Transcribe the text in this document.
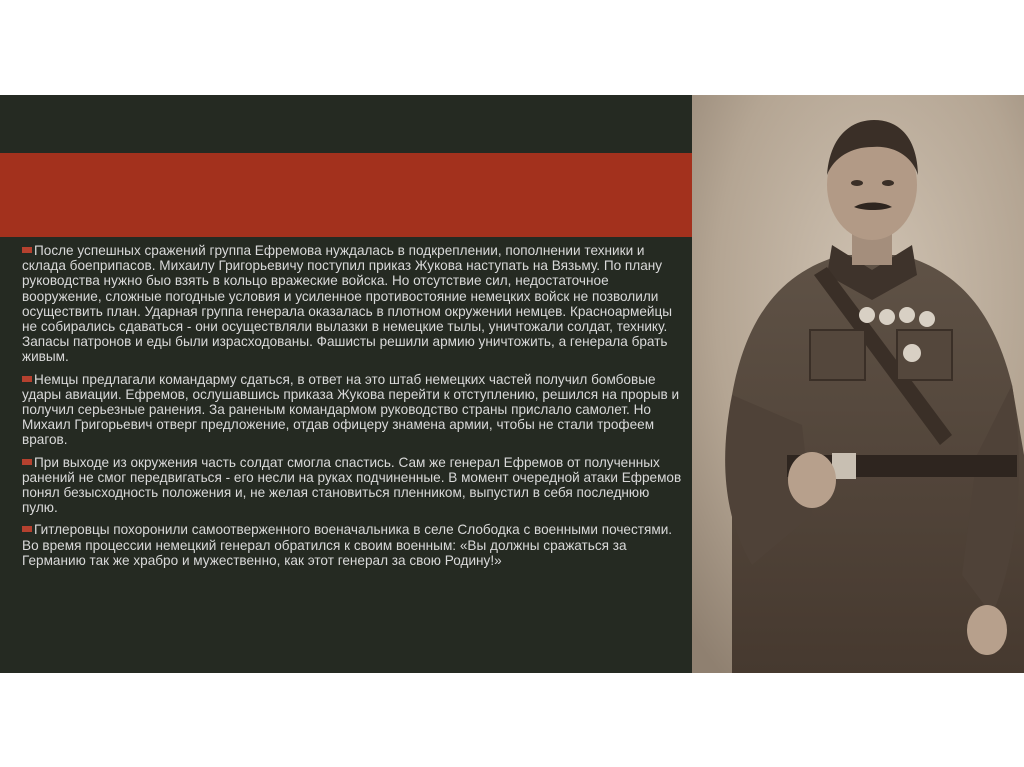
После успешных сражений группа Ефремова нуждалась в подкреплении, пополнении техники и склада боеприпасов. Михаилу Григорьевичу поступил приказ Жукова наступать на Вязьму. По плану руководства нужно быо взять в кольцо вражеские войска. Но отсутствие сил, недостаточное вооружение, сложные погодные условия и усиленное противостояние немецких войск не позволили осуществить план. Ударная группа генерала оказалась в плотном окружении немцев. Красноармейцы не собирались сдаваться - они осуществляли вылазки в немецкие тылы, уничтожали солдат, технику. Запасы патронов и еды были израсходованы. Фашисты решили армию уничтожить, а генерала брать живым.

Немцы предлагали командарму сдаться, в ответ на это штаб немецких частей получил бомбовые удары авиации. Ефремов, ослушавшись приказа Жукова перейти к отступлению, решился на прорыв и получил серьезные ранения. За раненым командармом руководство страны прислало самолет. Но Михаил Григорьевич отверг предложение, отдав офицеру знамена армии, чтобы не стали трофеем врагов.

При выходе из окружения часть солдат смогла спастись. Сам же генерал Ефремов от полученных ранений не смог передвигаться - его несли на руках подчиненные. В момент очередной атаки Ефремов понял безысходность положения и, не желая становиться пленником, выпустил в себя последнюю пулю.

Гитлеровцы похоронили самоотверженного военачальника в селе Слободка с военными почестями. Во время процессии немецкий генерал обратился к своим военным: «Вы должны сражаться за Германию так же храбро и мужественно, как этот генерал за свою Родину!»
